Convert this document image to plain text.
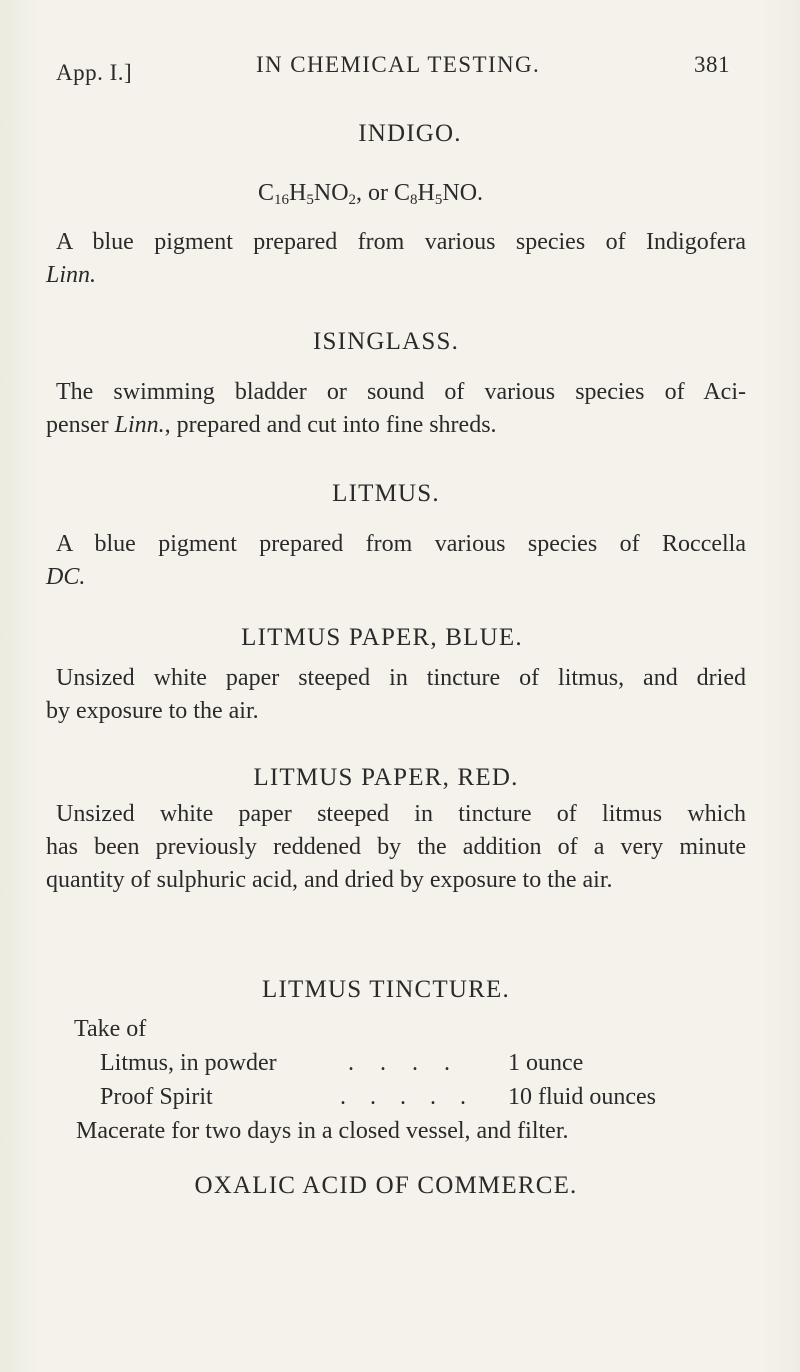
App. I.]	IN CHEMICAL TESTING.	381
INDIGO.
$C_{16}H_5NO_2$, or $C_8H_5NO$.
A blue pigment prepared from various species of Indigofera
Linn.
ISINGLASS.
The swimming bladder or sound of various species of Aci-
penser Linn., prepared and cut into fine shreds.
LITMUS.
A blue pigment prepared from various species of Roccella
DC.
LITMUS PAPER, BLUE.
Unsized white paper steeped in tincture of litmus, and dried
by exposure to the air.
LITMUS PAPER, RED.
Unsized white paper steeped in tincture of litmus which
has been previously reddened by the addition of a very minute
quantity of sulphuric acid, and dried by exposure to the air.
LITMUS TINCTURE.
Take of
Litmus, in powder	.... 1 ounce
Proof Spirit	..... 10 fluid ounces
Macerate for two days in a closed vessel, and filter.
OXALIC ACID OF COMMERCE.
